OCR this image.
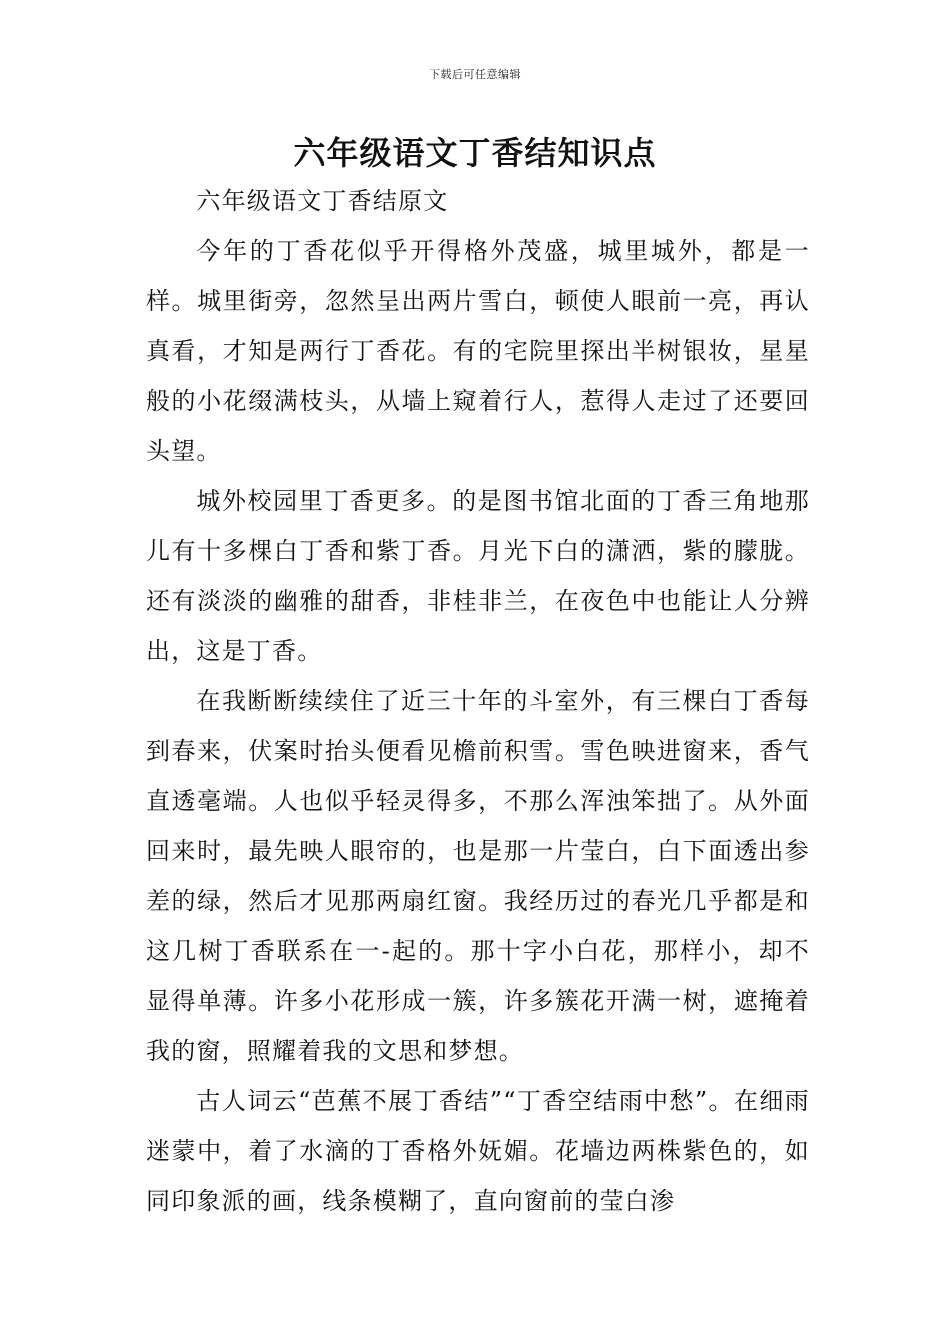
下载后可任意编辑
六年级语文丁香结知识点

六年级语文丁香结原文

今年的丁香花似乎开得格外茂盛，城里城外，都是一样。城里街旁，忽然呈出两片雪白，顿使人眼前一亮，再认真看，才知是两行丁香花。有的宅院里探出半树银妆，星星般的小花缀满枝头，从墙上窥着行人，惹得人走过了还要回头望。

城外校园里丁香更多。的是图书馆北面的丁香三角地那儿有十多棵白丁香和紫丁香。月光下白的潇洒，紫的朦胧。还有淡淡的幽雅的甜香，非桂非兰，在夜色中也能让人分辨出，这是丁香。

在我断断续续住了近三十年的斗室外，有三棵白丁香每到春来，伏案时抬头便看见檐前积雪。雪色映进窗来，香气直透毫端。人也似乎轻灵得多，不那么浑浊笨拙了。从外面回来时，最先映人眼帘的，也是那一片莹白，白下面透出参差的绿，然后才见那两扇红窗。我经历过的春光几乎都是和这几树丁香联系在一-起的。那十字小白花，那样小，却不显得单薄。许多小花形成一簇，许多簇花开满一树，遮掩着我的窗，照耀着我的文思和梦想。

古人词云“芭蕉不展丁香结”“丁香空结雨中愁”。在细雨迷蒙中，着了水滴的丁香格外妩媚。花墙边两株紫色的，如同印象派的画，线条模糊了，直向窗前的莹白渗
